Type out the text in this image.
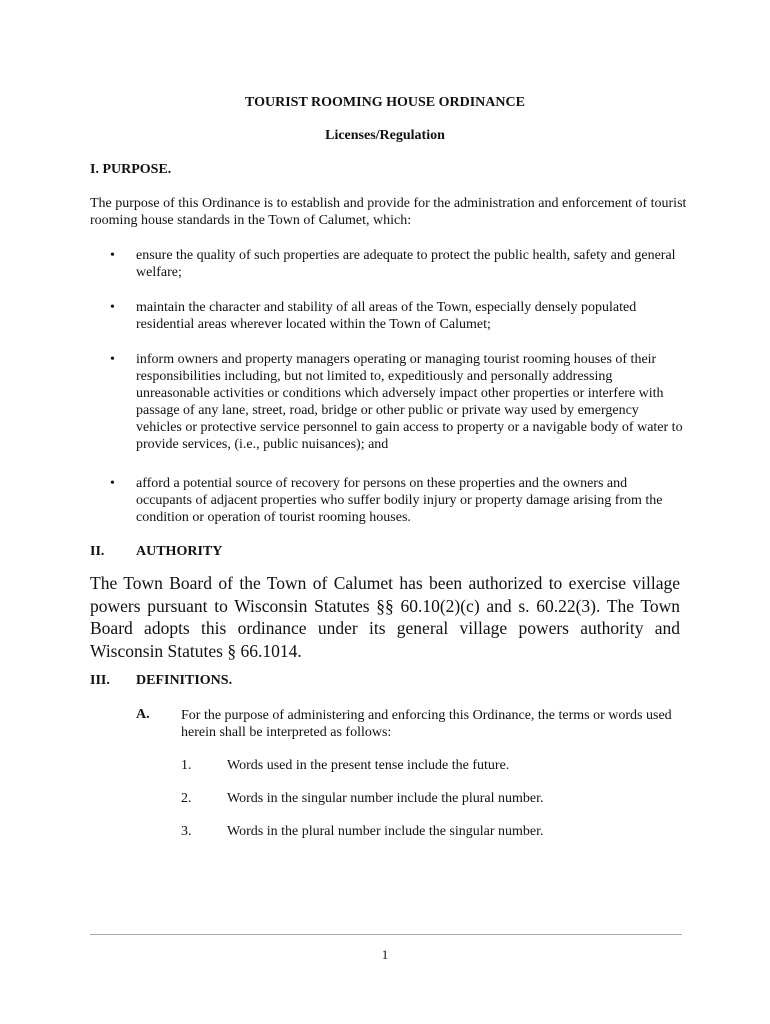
TOURIST ROOMING HOUSE ORDINANCE

Licenses/Regulation

I. PURPOSE.

The purpose of this Ordinance is to establish and provide for the administration and enforcement of tourist rooming house standards in the Town of Calumet, which:

•	ensure the quality of such properties are adequate to protect the public health, safety and general welfare;

•	maintain the character and stability of all areas of the Town, especially densely populated residential areas wherever located within the Town of Calumet;

•	inform owners and property managers operating or managing tourist rooming houses of their responsibilities including, but not limited to, expeditiously and personally addressing unreasonable activities or conditions which adversely impact other properties or interfere with passage of any lane, street, road, bridge or other public or private way used by emergency vehicles or protective service personnel to gain access to property or a navigable body of water to provide services, (i.e., public nuisances); and

•	afford a potential source of recovery for persons on these properties and the owners and occupants of adjacent properties who suffer bodily injury or property damage arising from the condition or operation of tourist rooming houses.

II. AUTHORITY

The Town Board of the Town of Calumet has been authorized to exercise village powers pursuant to Wisconsin Statutes §§ 60.10(2)(c) and s. 60.22(3). The Town Board adopts this ordinance under its general village powers authority and Wisconsin Statutes § 66.1014.

III. DEFINITIONS.

A. For the purpose of administering and enforcing this Ordinance, the terms or words used herein shall be interpreted as follows:

1.	Words used in the present tense include the future.

2.	Words in the singular number include the plural number.

3.	Words in the plural number include the singular number.

1
